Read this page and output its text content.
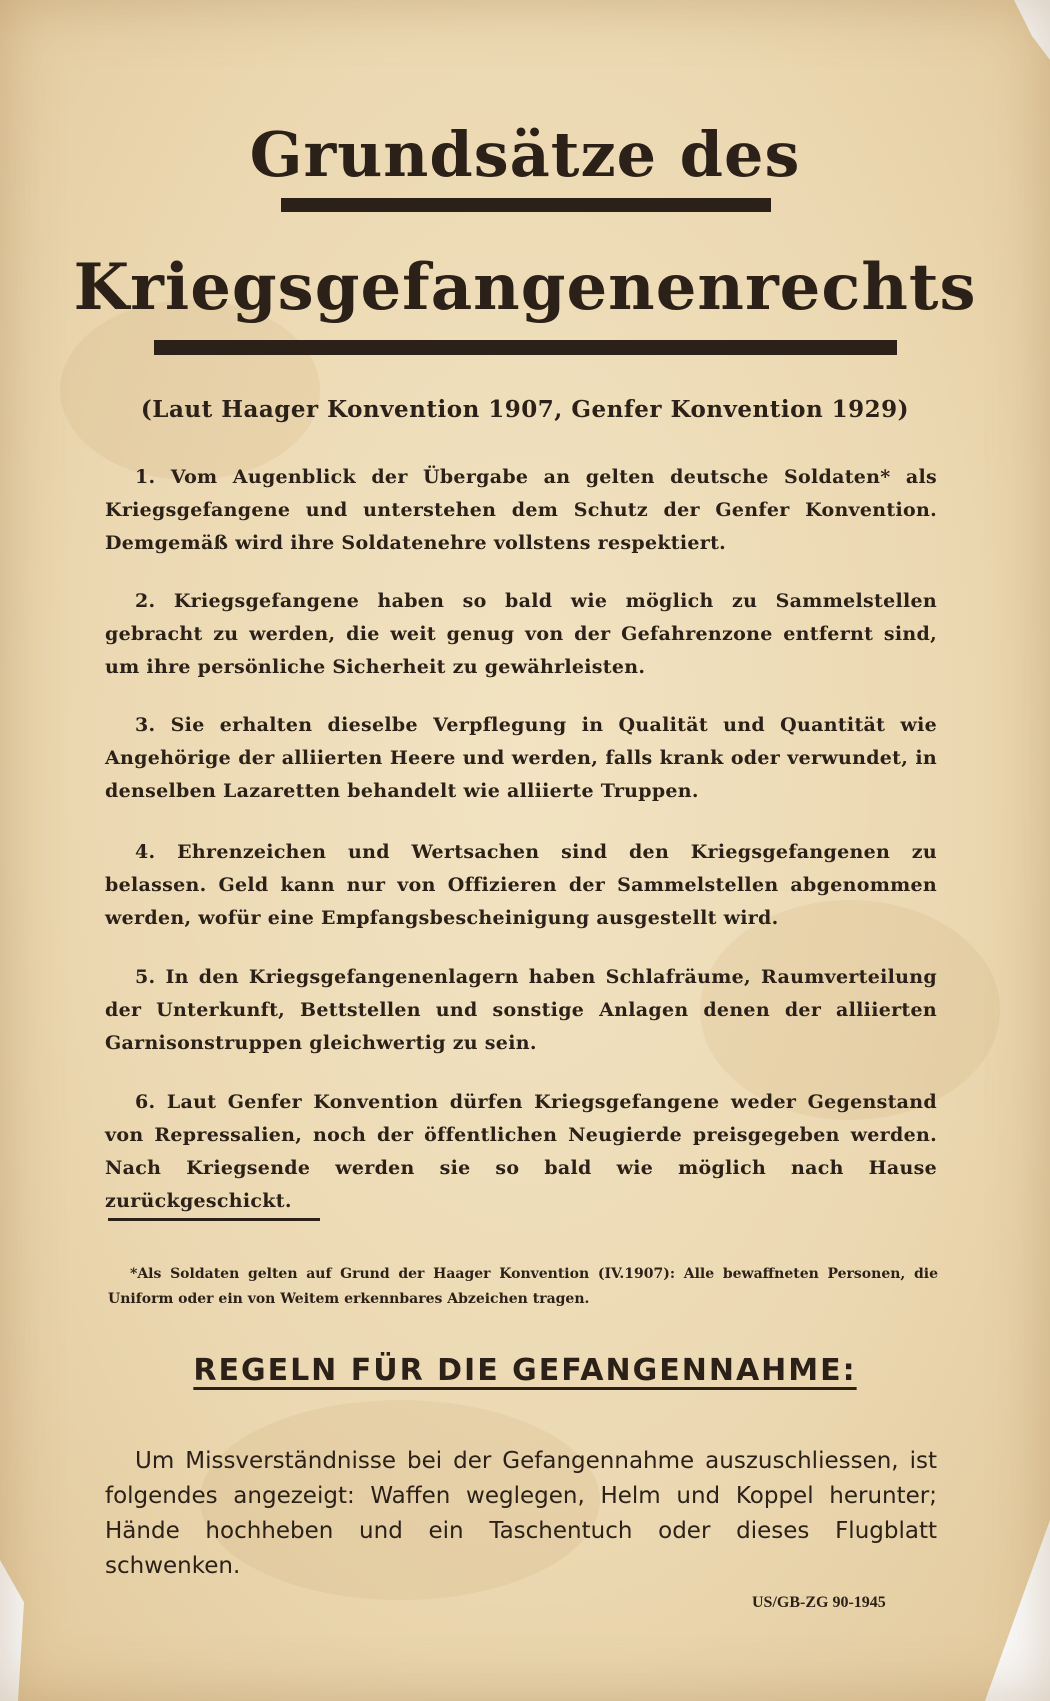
Grundsätze des
Kriegsgefangenenrechts
(Laut Haager Konvention 1907, Genfer Konvention 1929)
1. Vom Augenblick der Übergabe an gelten deutsche Soldaten* als Kriegsgefangene und unterstehen dem Schutz der Genfer Konvention. Demgemäß wird ihre Soldatenehre vollstens respektiert.
2. Kriegsgefangene haben so bald wie möglich zu Sammelstellen gebracht zu werden, die weit genug von der Gefahrenzone entfernt sind, um ihre persönliche Sicherheit zu gewährleisten.
3. Sie erhalten dieselbe Verpflegung in Qualität und Quantität wie Angehörige der alliierten Heere und werden, falls krank oder verwundet, in denselben Lazaretten behandelt wie alliierte Truppen.
4. Ehrenzeichen und Wertsachen sind den Kriegsgefangenen zu belassen. Geld kann nur von Offizieren der Sammelstellen abgenommen werden, wofür eine Empfangsbescheinigung ausgestellt wird.
5. In den Kriegsgefangenenlagern haben Schlafräume, Raumverteilung der Unterkunft, Bettstellen und sonstige Anlagen denen der alliierten Garnisonstruppen gleichwertig zu sein.
6. Laut Genfer Konvention dürfen Kriegsgefangene weder Gegenstand von Repressalien, noch der öffentlichen Neugierde preisgegeben werden. Nach Kriegsende werden sie so bald wie möglich nach Hause zurückgeschickt.
*Als Soldaten gelten auf Grund der Haager Konvention (IV.1907): Alle bewaffneten Personen, die Uniform oder ein von Weitem erkennbares Abzeichen tragen.
REGELN FÜR DIE GEFANGENNAHME:
Um Missverständnisse bei der Gefangennahme auszuschliessen, ist folgendes angezeigt: Waffen weglegen, Helm und Koppel herunter; Hände hochheben und ein Taschentuch oder dieses Flugblatt schwenken.
US/GB-ZG 90-1945
